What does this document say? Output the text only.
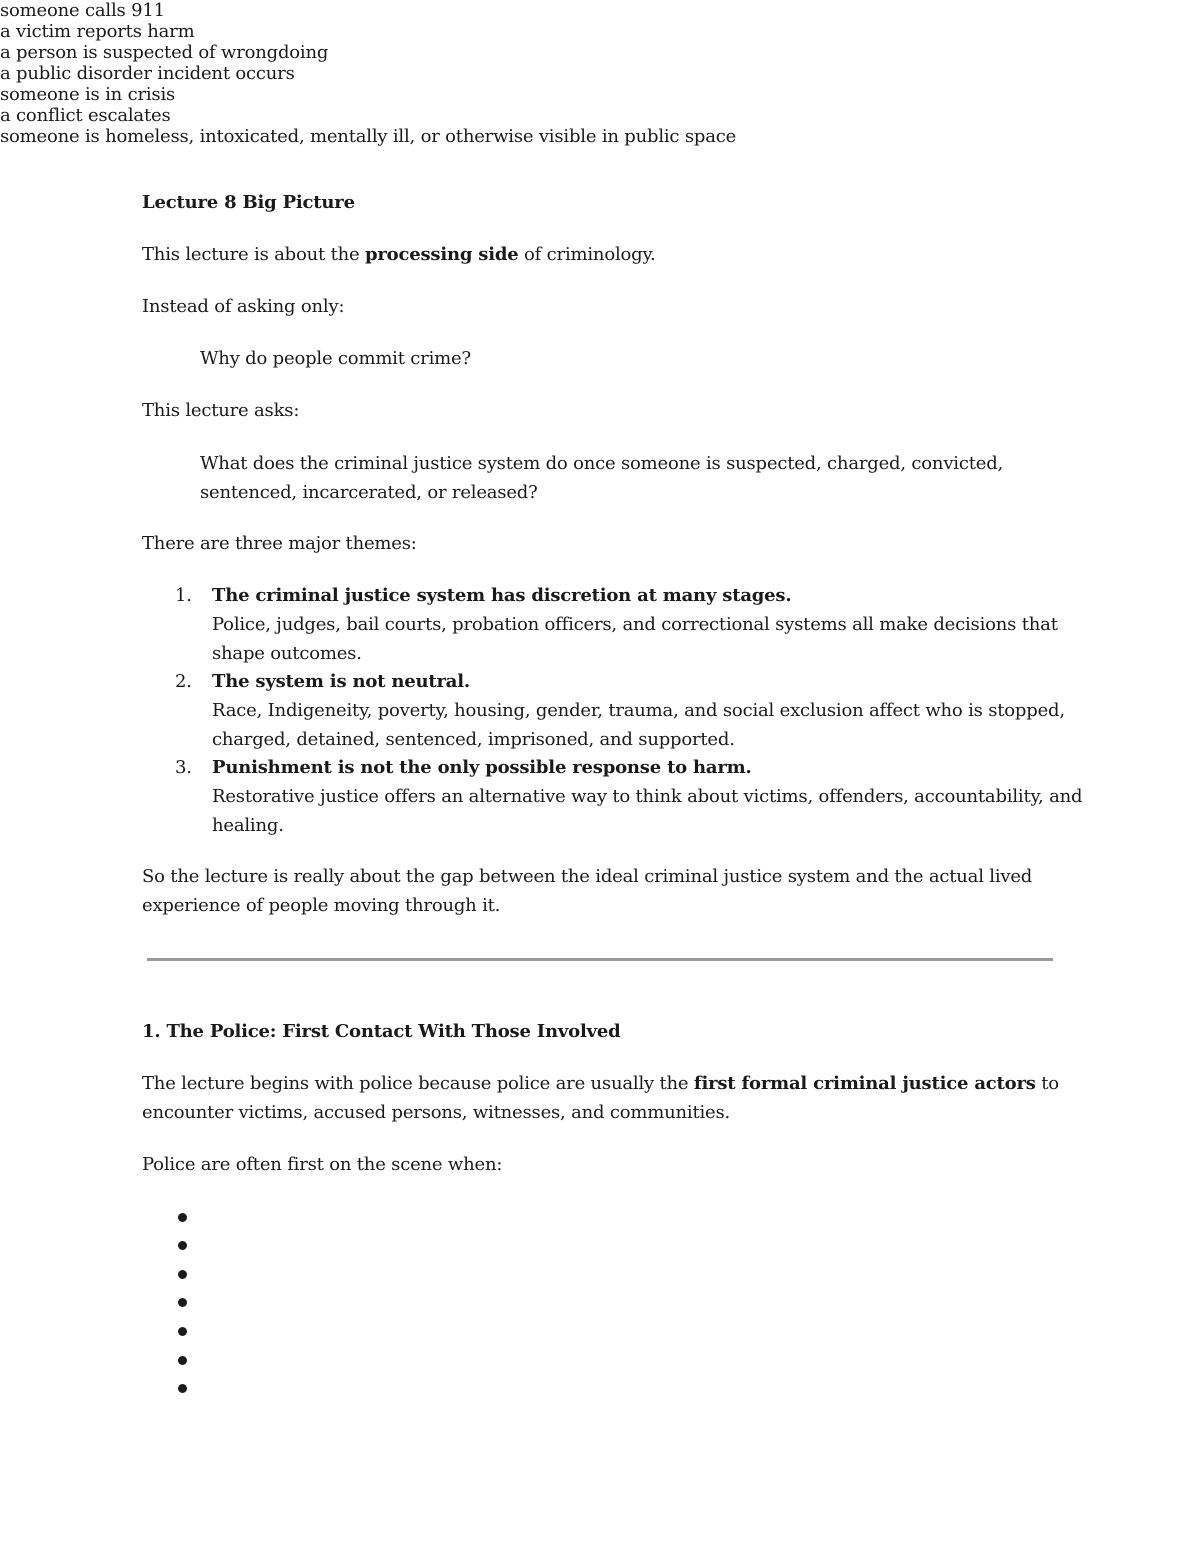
Lecture 8 Big Picture
This lecture is about the processing side of criminology.
Instead of asking only:
Why do people commit crime?
This lecture asks:
What does the criminal justice system do once someone is suspected, charged, convicted,
sentenced, incarcerated, or released?
There are three major themes:
1. The criminal justice system has discretion at many stages.
Police, judges, bail courts, probation officers, and correctional systems all make decisions that
shape outcomes.
2. The system is not neutral.
Race, Indigeneity, poverty, housing, gender, trauma, and social exclusion affect who is stopped,
charged, detained, sentenced, imprisoned, and supported.
3. Punishment is not the only possible response to harm.
Restorative justice offers an alternative way to think about victims, offenders, accountability, and
healing.
So the lecture is really about the gap between the ideal criminal justice system and the actual lived
experience of people moving through it.
1. The Police: First Contact With Those Involved
The lecture begins with police because police are usually the first formal criminal justice actors to
encounter victims, accused persons, witnesses, and communities.
Police are often first on the scene when:
someone calls 911
a victim reports harm
a person is suspected of wrongdoing
a public disorder incident occurs
someone is in crisis
a conflict escalates
someone is homeless, intoxicated, mentally ill, or otherwise visible in public space
